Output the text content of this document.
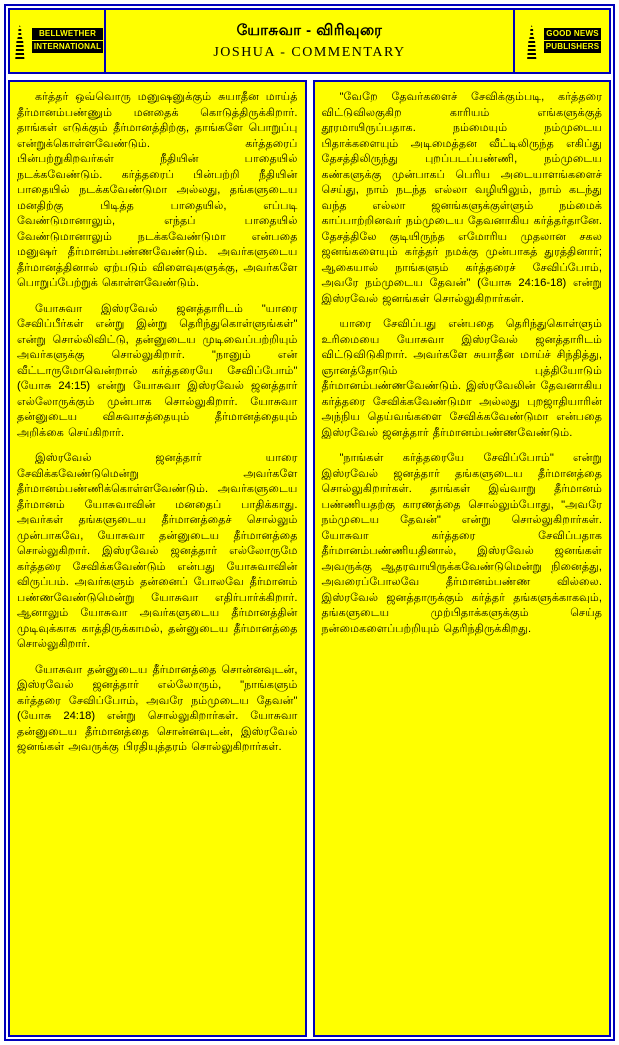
BELLWETHER
INTERNATIONAL
யோசுவா - விரிவுரை
JOSHUA - COMMENTARY
GOOD NEWS
PUBLISHERS

கர்த்தர் ஒவ்வொரு மனுஷனுக்கும் சுயாதீன மாய்த் தீர்மானம்பண்ணும் மனதைக் கொடுத்திருக்கிறார். தாங்கள் எடுக்கும் தீர்மானத்திற்கு, தாங்களே பொறுப்பு என்றுக்கொள்ளவேண்டும். கர்த்தரைப் பின்பற்றுகிறவர்கள் நீதியின் பாதையில் நடக்கவேண்டும். கர்த்தரைப் பின்பற்றி நீதியின் பாதையில் நடக்கவேண்டுமா அல்லது, தங்களுடைய மனதிற்கு பிடித்த பாதையில், எப்படி வேண்டுமானாலும், எந்தப் பாதையில் வேண்டுமானாலும் நடக்கவேண்டுமா என்பதை மனுஷர் தீர்மானம்பண்ணவேண்டும். அவர்களுடைய தீர்மானத்தினால் ஏற்படும் விளைவுகளுக்கு, அவர்களே பொறுப்பேற்றுக் கொள்ளவேண்டும்.

யோசுவா இஸ்ரவேல் ஜனத்தாரிடம் "யாரை சேவிப்பீர்கள் என்று இன்று தெரிந்துகொள்ளுங்கள்" என்று சொல்லிவிட்டு, தன்னுடைய முடிவைப்பற்றியும் அவர்களுக்கு சொல்லுகிறார். "நானும் என் வீட்டாருமோவென்றால் கர்த்தரையே சேவிப்போம்" (யோசு 24:15) என்று யோசுவா இஸ்ரவேல் ஜனத்தார் எல்லோருக்கும் முன்பாக சொல்லுகிறார். யோசுவா தன்னுடைய விசுவாசத்தையும் தீர்மானத்தையும் அறிக்கை செய்கிறார்.

இஸ்ரவேல் ஜனத்தார் யாரை சேவிக்கவேண்டுமென்று அவர்களே தீர்மானம்பண்ணிக்கொள்ளவேண்டும். அவர்களுடைய தீர்மானம் யோசுவாவின் மனதைப் பாதிக்காது. அவர்கள் தங்களுடைய தீர்மானத்தைச் சொல்லும் முன்பாகவே, யோசுவா தன்னுடைய தீர்மானத்தை சொல்லுகிறார். இஸ்ரவேல் ஜனத்தார் எல்லோருமே கர்த்தரை சேவிக்கவேண்டும் என்பது யோசுவாவின் விருப்பம். அவர்களும் தன்னைப் போலவே தீர்மானம் பண்ணவேண்டுமென்று யோசுவா எதிர்பார்க்கிறார். ஆனாலும் யோசுவா அவர்களுடைய தீர்மானத்தின் முடிவுக்காக காத்திருக்காமல், தன்னுடைய தீர்மானத்தை சொல்லுகிறார்.

யோசுவா தன்னுடைய தீர்மானத்தை சொன்னவுடன், இஸ்ரவேல் ஜனத்தார் எல்லோரும், "நாங்களும் கர்த்தரை சேவிப்போம், அவரே நம்முடைய தேவன்" (யோசு 24:18) என்று சொல்லுகிறார்கள். யோசுவா தன்னுடைய தீர்மானத்தை சொன்னவுடன், இஸ்ரவேல் ஜனங்கள் அவருக்கு பிரதியுத்தரம் சொல்லுகிறார்கள்.

"வேறே தேவர்களைச் சேவிக்கும்படி, கர்த்தரை விட்டுவிலகுகிற காரியம் எங்களுக்குத் தூரமாயிருப்பதாக. நம்மையும் நம்முடைய பிதாக்களையும் அடிமைத்தன வீட்டிலிருந்த எகிப்து தேசத்திலிருந்து புறப்படப்பண்ணி, நம்முடைய கண்களுக்கு முன்பாகப் பெரிய அடையாளங்களைச் செய்து, நாம் நடந்த எல்லா வழியிலும், நாம் கடந்து வந்த எல்லா ஜனங்களுக்குள்ளும் நம்மைக் காப்பாற்றினவர் நம்முடைய தேவனாகிய கர்த்தர்தானே. தேசத்திலே குடியிருந்த எமோரிய முதலான சகல ஜனங்களையும் கர்த்தர் நமக்கு முன்பாகத் துரத்தினார்; ஆகையால் நாங்களும் கர்த்தரைச் சேவிப்போம், அவரே நம்முடைய தேவன்" (யோசு 24:16-18) என்று இஸ்ரவேல் ஜனங்கள் சொல்லுகிறார்கள்.

யாரை சேவிப்பது என்பதை தெரிந்துகொள்ளும் உரிமையை யோசுவா இஸ்ரவேல் ஜனத்தாரிடம் விட்டுவிடுகிறார். அவர்களே சுயாதீன மாய்ச் சிந்தித்து, ஞானத்தோடும் புத்தியோடும் தீர்மானம்பண்ணவேண்டும். இஸ்ரவேலின் தேவனாகிய கர்த்தரை சேவிக்கவேண்டுமா அல்லது புறஜாதியாரின் அந்நிய தெய்வங்களை சேவிக்கவேண்டுமா என்பதை இஸ்ரவேல் ஜனத்தார் தீர்மானம்பண்ணவேண்டும்.

"நாங்கள் கர்த்தரையே சேவிப்போம்" என்று இஸ்ரவேல் ஜனத்தார் தங்களுடைய தீர்மானத்தை சொல்லுகிறார்கள். தாங்கள் இவ்வாறு தீர்மானம் பண்ணியதற்கு காரணத்தை சொல்லும்போது, "அவரே நம்முடைய தேவன்" என்று சொல்லுகிறார்கள். யோசுவா கர்த்தரை சேவிப்பதாக தீர்மானம்பண்ணியதினால், இஸ்ரவேல் ஜனங்கள் அவருக்கு ஆதரவாயிருக்கவேண்டுமென்று நினைத்து, அவரைப்போலவே தீர்மானம்பண்ண வில்லை. இஸ்ரவேல் ஜனத்தாருக்கும் கர்த்தர் தங்களுக்காகவும், தங்களுடைய முற்பிதாக்களுக்கும் செய்த நன்மைகளைப்பற்றியும் தெரிந்திருக்கிறது.
